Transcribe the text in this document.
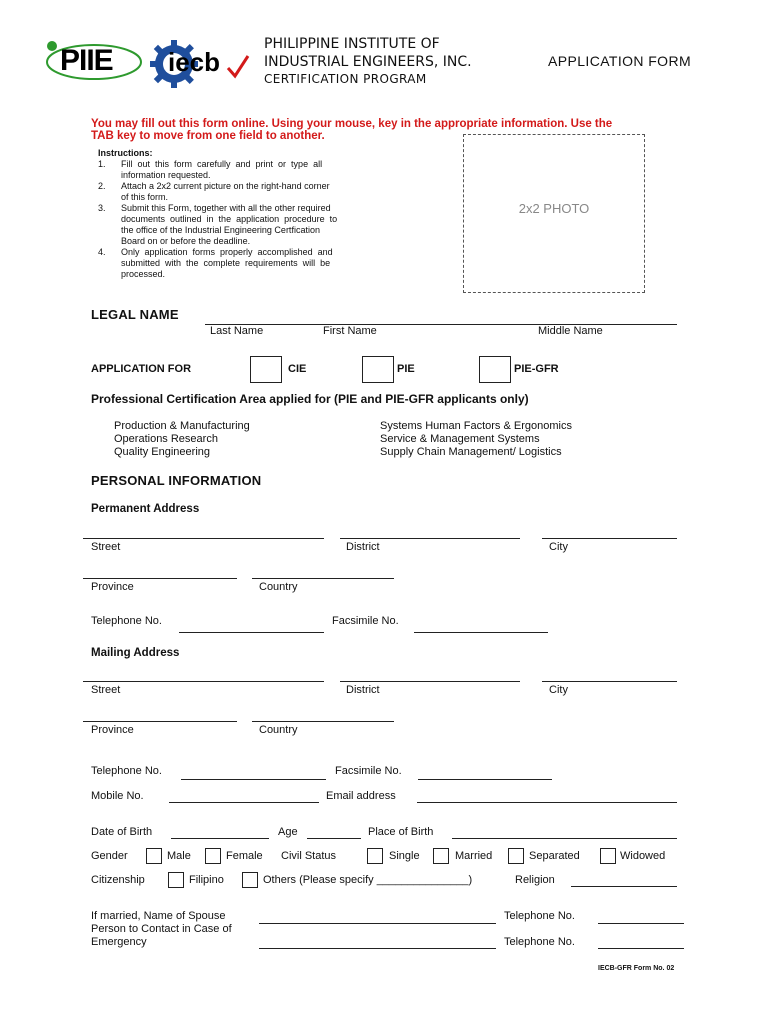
PIIE iecb
PHILIPPINE INSTITUTE OF
INDUSTRIAL ENGINEERS, INC.
CERTIFICATION PROGRAM
APPLICATION FORM
You may fill out this form online. Using your mouse, key in the appropriate information. Use the
TAB key to move from one field to another.
Instructions:
1. Fill  out  this  form  carefully  and  print  or  type  all
information requested.
2. Attach a 2x2 current picture on the right-hand corner
of this form.
3. Submit this Form, together with all the other required
documents  outlined  in  the  application  procedure  to
the office of the Industrial Engineering Certfication
Board on or before the deadline.
4. Only  application  forms  properly  accomplished  and
submitted  with  the  complete  requirements  will  be
processed.
2x2 PHOTO
LEGAL NAME
Last Name	First Name	Middle Name
APPLICATION FOR	CIE	PIE	PIE-GFR
Professional Certification Area applied for (PIE and PIE-GFR applicants only)
Production & Manufacturing
Operations Research
Quality Engineering
Systems Human Factors & Ergonomics
Service & Management Systems
Supply Chain Management/ Logistics
PERSONAL INFORMATION
Permanent Address
Street	District	City
Province	Country
Telephone No.	Facsimile No.
Mailing Address
Street	District	City
Province	Country
Telephone No.	Facsimile No.
Mobile No.	Email address
Date of Birth	Age	Place of Birth
Gender	Male	Female Civil Status	Single	Married	Separated	Widowed
Citizenship	Filipino	Others (Please specify _______________)	Religion
If married, Name of Spouse	Telephone No.
Person to Contact in Case of
Emergency	Telephone No.
IECB-GFR Form No. 02
